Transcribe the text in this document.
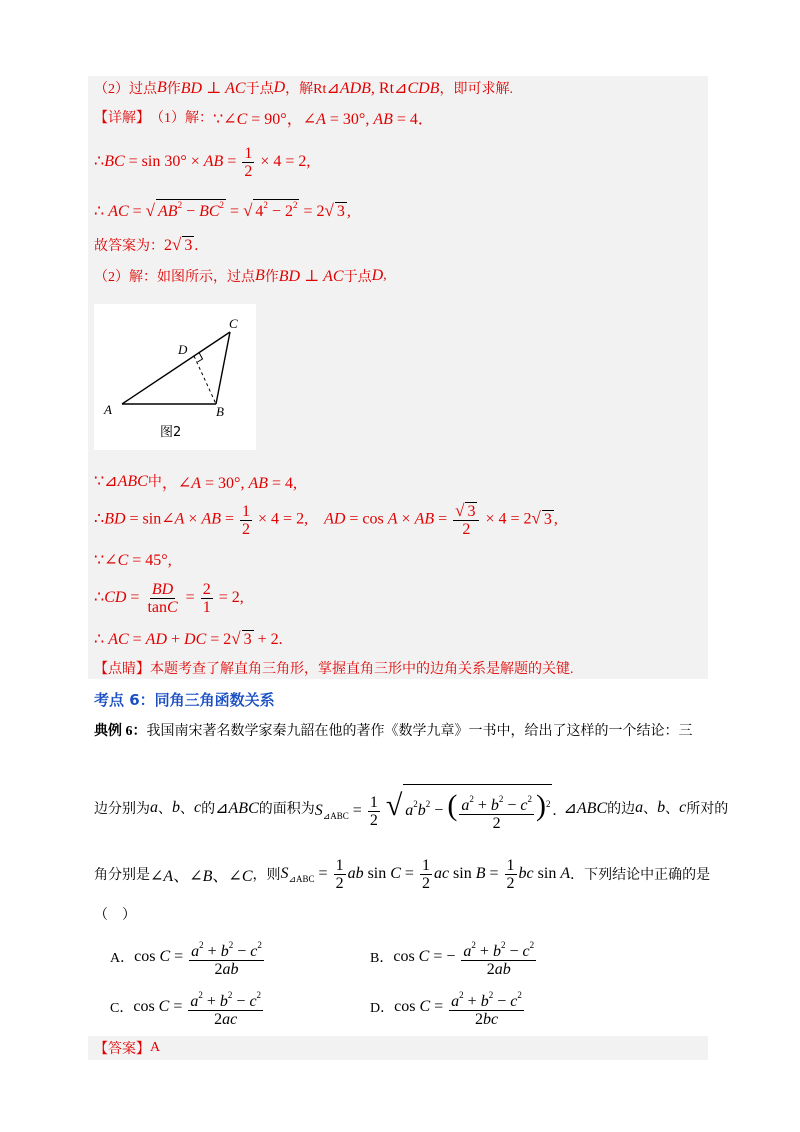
（2）过点 B 作 BD ⊥ AC 于点 D ，解Rt ⊿ADB, Rt⊿CDB ，即可求解.
【详解】 （1）解： ∵∠C = 90°，∠A = 30°, AB = 4．
∴BC = sin 30° × AB = $\frac{1}{2} \times 4 = 2$,
∴ AC = √ $AB^2 - BC^2$ = √ $4^2 - 2^2 = 2√$ 3 ,
故答案为： 2√ 3 .
（2）解：如图所示，过点 B 作 BD ⊥ AC 于点 D ,
A	B
C
D
图2
∵⊿ABC 中 ，∠A = 30°, AB = 4,
∴BD = sin∠A × AB = $\frac{1}{2} \times 4 = 2$,    AD = cos A × AB = $\frac{√ 3}{2} \times 4 = 2√$ 3 ,
∵∠C = 45°,
∴CD = $\frac{BD}{\tan C} = \frac{2}{1} = 2$,
∴ AC = AD + DC = 2√ 3 + 2.
【点睛】 本题考查了解直角三角形，掌握直角三形中的边角关系是解题的关键.
考点 6：同角三角函数关系
典例 6： 我国南宋著名数学家秦九韶在他的著作《数学九章》一书中，给出了这样的一个结论：三
边分别为 a 、 b 、 c 的 ⊿ABC 的面积为 $S_{⊿ABC} = \frac{1}{2}$ √ $a^2b^2$ − ( $\frac{a^2 + b^2 - c^2}{2} )^2$ .
⊿ABC 的边 a 、 b 、 c 所对的
角分别是 ∠A、∠B、∠C ，则 $S_{⊿ABC} = \frac{1}{2}$ ab $\sin C = \frac{1}{2}$ ac $\sin B = \frac{1}{2}$ bc sin A ．下列结论中正确的是
（　）
A． $\cos C = \frac{a^2 + b^2 - c^2}{2ab}$	B． cos C = − $\frac{a^2 + b^2 - c^2}{2ab}$
C． $\cos C = \frac{a^2 + b^2 - c^2}{2ac}$	D． $\cos C = \frac{a^2 + b^2 - c^2}{2bc}$
【答案】 A
